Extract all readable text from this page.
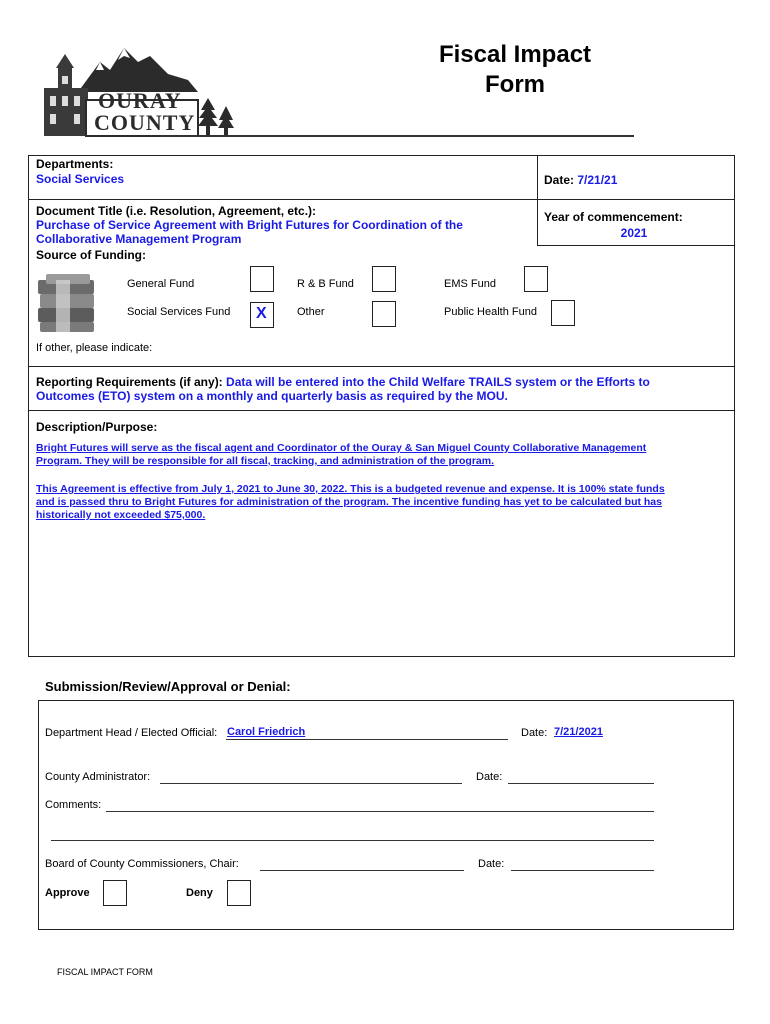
OURAY
COUNTY
Fiscal Impact
Form
Departments:
Social Services	Date: 7/21/21
Document Title (i.e. Resolution, Agreement, etc.):
Purchase of Service Agreement with Bright Futures for Coordination of the
Collaborative Management Program
Year of commencement:
2021
Source of Funding:
General Fund	R & B Fund	EMS Fund
Social Services Fund X	Other	Public Health Fund
If other, please indicate:
Reporting Requirements (if any): Data will be entered into the Child Welfare TRAILS system or the Efforts to
Outcomes (ETO) system on a monthly and quarterly basis as required by the MOU.
Description/Purpose:
Bright Futures will serve as the fiscal agent and Coordinator of the Ouray & San Miguel County Collaborative Management
Program. They will be responsible for all fiscal, tracking, and administration of the program.
This Agreement is effective from July 1, 2021 to June 30, 2022. This is a budgeted revenue and expense. It is 100% state funds
and is passed thru to Bright Futures for administration of the program. The incentive funding has yet to be calculated but has
historically not exceeded $75,000.
Submission/Review/Approval or Denial:
Department Head / Elected Official: Carol Friedrich	Date: 7/21/2021
County Administrator:	Date:
Comments:
Board of County Commissioners, Chair:	Date:
Approve	Deny
FISCAL IMPACT FORM
